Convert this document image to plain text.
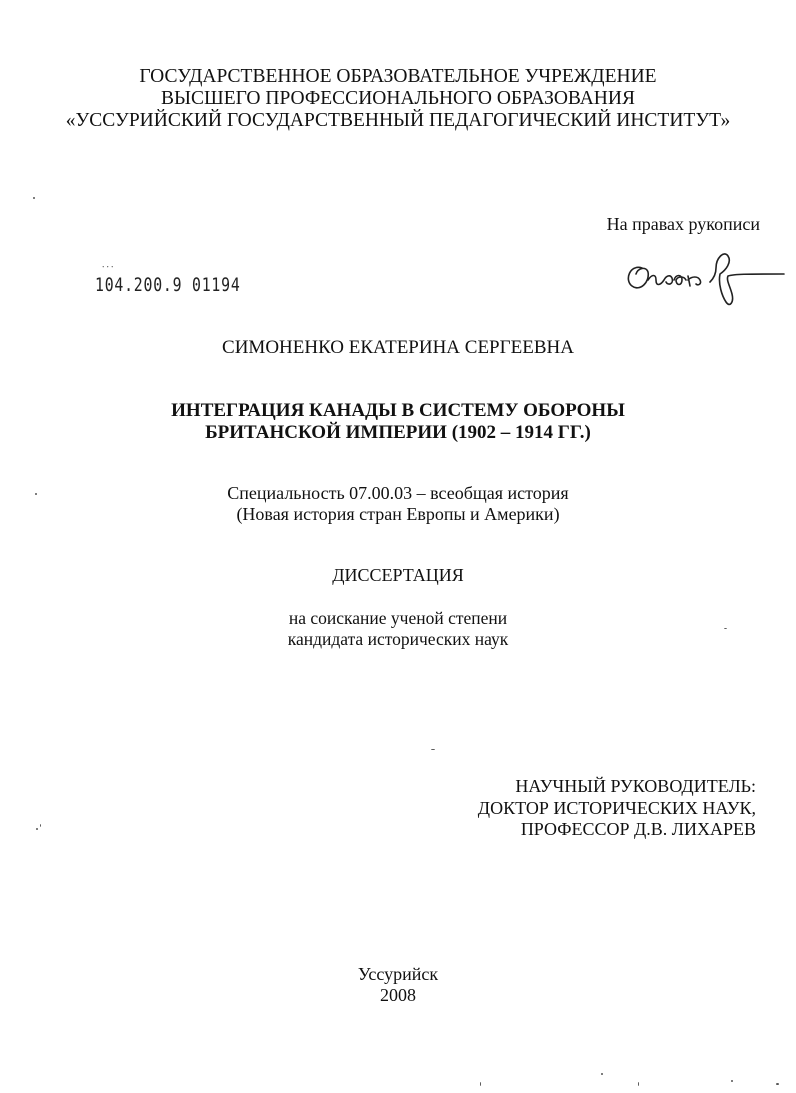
ГОСУДАРСТВЕННОЕ ОБРАЗОВАТЕЛЬНОЕ УЧРЕЖДЕНИЕ
ВЫСШЕГО ПРОФЕССИОНАЛЬНОГО ОБРАЗОВАНИЯ
«УССУРИЙСКИЙ ГОСУДАРСТВЕННЫЙ ПЕДАГОГИЧЕСКИЙ ИНСТИТУТ»
На правах рукописи
∙∙∙
104.200.9 01194
СИМОНЕНКО ЕКАТЕРИНА СЕРГЕЕВНА
ИНТЕГРАЦИЯ КАНАДЫ В СИСТЕМУ ОБОРОНЫ
БРИТАНСКОЙ ИМПЕРИИ (1902 – 1914 ГГ.)
Специальность 07.00.03 – всеобщая история
(Новая история стран Европы и Америки)
ДИССЕРТАЦИЯ
на соискание ученой степени
кандидата исторических наук
НАУЧНЫЙ РУКОВОДИТЕЛЬ:
ДОКТОР ИСТОРИЧЕСКИХ НАУК,
ПРОФЕССОР Д.В. ЛИХАРЕВ
Уссурийск
2008
